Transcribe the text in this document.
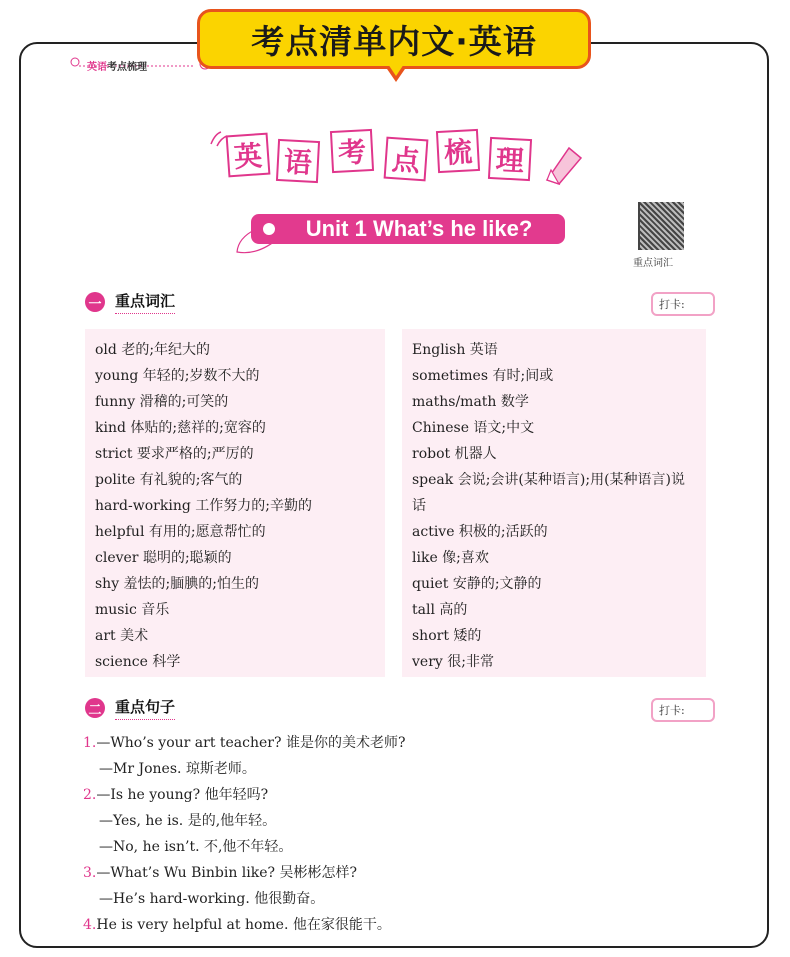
考点清单内文·英语
英语考点梳理
英 语 考 点 梳 理
Unit 1 What’s he like?
重点词汇
一 重点词汇	打卡:
old 老的;年纪大的
young 年轻的;岁数不大的
funny 滑稽的;可笑的
kind 体贴的;慈祥的;宽容的
strict 要求严格的;严厉的
polite 有礼貌的;客气的
hard-working 工作努力的;辛勤的
helpful 有用的;愿意帮忙的
clever 聪明的;聪颖的
shy 羞怯的;腼腆的;怕生的
music 音乐
art 美术
science 科学
English 英语
sometimes 有时;间或
maths/math 数学
Chinese 语文;中文
robot 机器人
speak 会说;会讲(某种语言);用(某种语言)说话
active 积极的;活跃的
like 像;喜欢
quiet 安静的;文静的
tall 高的
short 矮的
very 很;非常
二 重点句子	打卡:
1.—Who’s your art teacher? 谁是你的美术老师?
—Mr Jones. 琼斯老师。
2.—Is he young? 他年轻吗?
—Yes, he is. 是的,他年轻。
—No, he isn’t. 不,他不年轻。
3.—What’s Wu Binbin like? 吴彬彬怎样?
—He’s hard-working. 他很勤奋。
4.He is very helpful at home. 他在家很能干。
